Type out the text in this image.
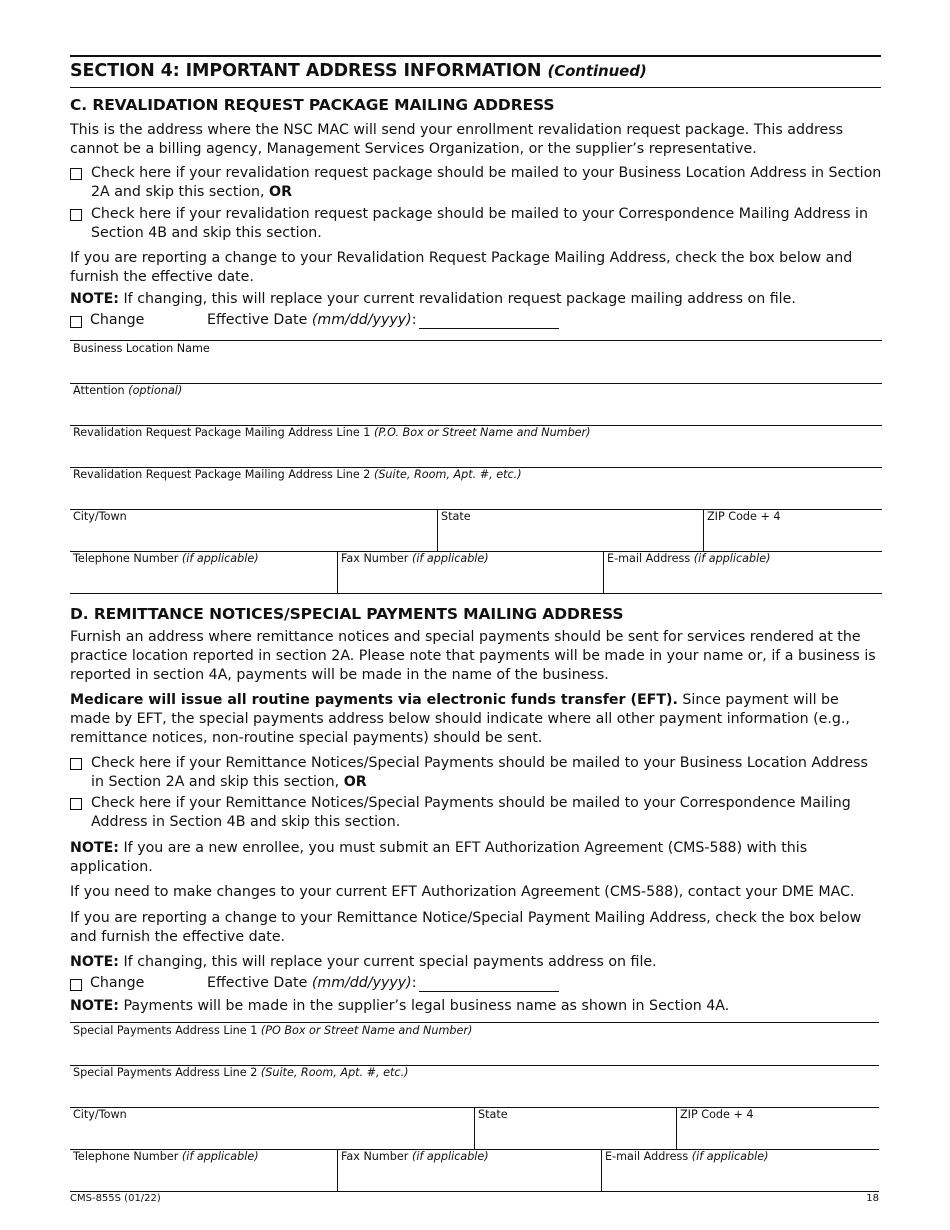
SECTION 4: IMPORTANT ADDRESS INFORMATION (Continued)
C. REVALIDATION REQUEST PACKAGE MAILING ADDRESS
This is the address where the NSC MAC will send your enrollment revalidation request package. This address cannot be a billing agency, Management Services Organization, or the supplier’s representative.
Check here if your revalidation request package should be mailed to your Business Location Address in Section 2A and skip this section, OR
Check here if your revalidation request package should be mailed to your Correspondence Mailing Address in Section 4B and skip this section.
If you are reporting a change to your Revalidation Request Package Mailing Address, check the box below and furnish the effective date.
NOTE: If changing, this will replace your current revalidation request package mailing address on file.
Change	Effective Date (mm/dd/yyyy):
Business Location Name
Attention (optional)
Revalidation Request Package Mailing Address Line 1 (P.O. Box or Street Name and Number)
Revalidation Request Package Mailing Address Line 2 (Suite, Room, Apt. #, etc.)
City/Town	State	ZIP Code + 4
Telephone Number (if applicable)	Fax Number (if applicable)	E-mail Address (if applicable)
D. REMITTANCE NOTICES/SPECIAL PAYMENTS MAILING ADDRESS
Furnish an address where remittance notices and special payments should be sent for services rendered at the practice location reported in section 2A. Please note that payments will be made in your name or, if a business is reported in section 4A, payments will be made in the name of the business.
Medicare will issue all routine payments via electronic funds transfer (EFT). Since payment will be made by EFT, the special payments address below should indicate where all other payment information (e.g., remittance notices, non-routine special payments) should be sent.
Check here if your Remittance Notices/Special Payments should be mailed to your Business Location Address in Section 2A and skip this section, OR
Check here if your Remittance Notices/Special Payments should be mailed to your Correspondence Mailing Address in Section 4B and skip this section.
NOTE: If you are a new enrollee, you must submit an EFT Authorization Agreement (CMS-588) with this application.
If you need to make changes to your current EFT Authorization Agreement (CMS-588), contact your DME MAC.
If you are reporting a change to your Remittance Notice/Special Payment Mailing Address, check the box below and furnish the effective date.
NOTE: If changing, this will replace your current special payments address on file.
Change	Effective Date (mm/dd/yyyy):
NOTE: Payments will be made in the supplier’s legal business name as shown in Section 4A.
Special Payments Address Line 1 (PO Box or Street Name and Number)
Special Payments Address Line 2 (Suite, Room, Apt. #, etc.)
City/Town	State	ZIP Code + 4
Telephone Number (if applicable)	Fax Number (if applicable)	E-mail Address (if applicable)
CMS-855S (01/22)	18
